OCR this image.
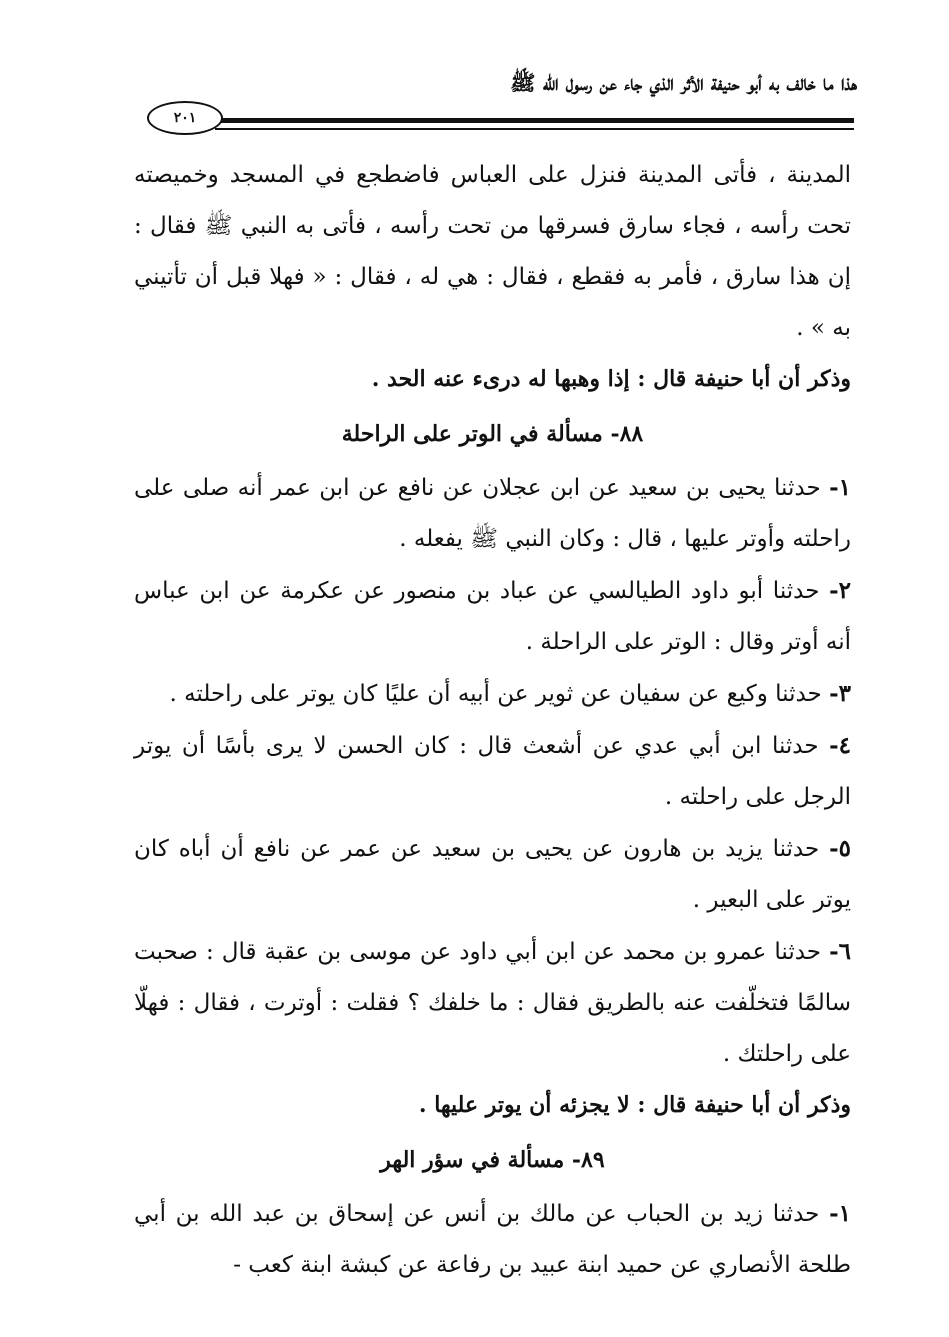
هذا ما خالف به أبو حنيفة الأثر الذي جاء عن رسول الله ﷺ
٢٠١

المدينة ، فأتى المدينة فنزل على العباس فاضطجع في المسجد وخميصته تحت رأسه ، فجاء سارق فسرقها من تحت رأسه ، فأتى به النبي ﷺ فقال : إن هذا سارق ، فأمر به فقطع ، فقال : هي له ، فقال : « فهلا قبل أن تأتيني به » .

وذكر أن أبا حنيفة قال : إذا وهبها له درىء عنه الحد .

٨٨- مسألة في الوتر على الراحلة

١- حدثنا يحيى بن سعيد عن ابن عجلان عن نافع عن ابن عمر أنه صلى على راحلته وأوتر عليها ، قال : وكان النبي ﷺ يفعله .

٢- حدثنا أبو داود الطيالسي عن عباد بن منصور عن عكرمة عن ابن عباس أنه أوتر وقال : الوتر على الراحلة .

٣- حدثنا وكيع عن سفيان عن ثوير عن أبيه أن عليًا كان يوتر على راحلته .

٤- حدثنا ابن أبي عدي عن أشعث قال : كان الحسن لا يرى بأسًا أن يوتر الرجل على راحلته .

٥- حدثنا يزيد بن هارون عن يحيى بن سعيد عن عمر عن نافع أن أباه كان يوتر على البعير .

٦- حدثنا عمرو بن محمد عن ابن أبي داود عن موسى بن عقبة قال : صحبت سالمًا فتخلّفت عنه بالطريق فقال : ما خلفك ؟ فقلت : أوترت ، فقال : فهلّا على راحلتك .

وذكر أن أبا حنيفة قال : لا يجزئه أن يوتر عليها .

٨٩- مسألة في سؤر الهر

١- حدثنا زيد بن الحباب عن مالك بن أنس عن إسحاق بن عبد الله بن أبي طلحة الأنصاري عن حميد ابنة عبيد بن رفاعة عن كبشة ابنة كعب -
